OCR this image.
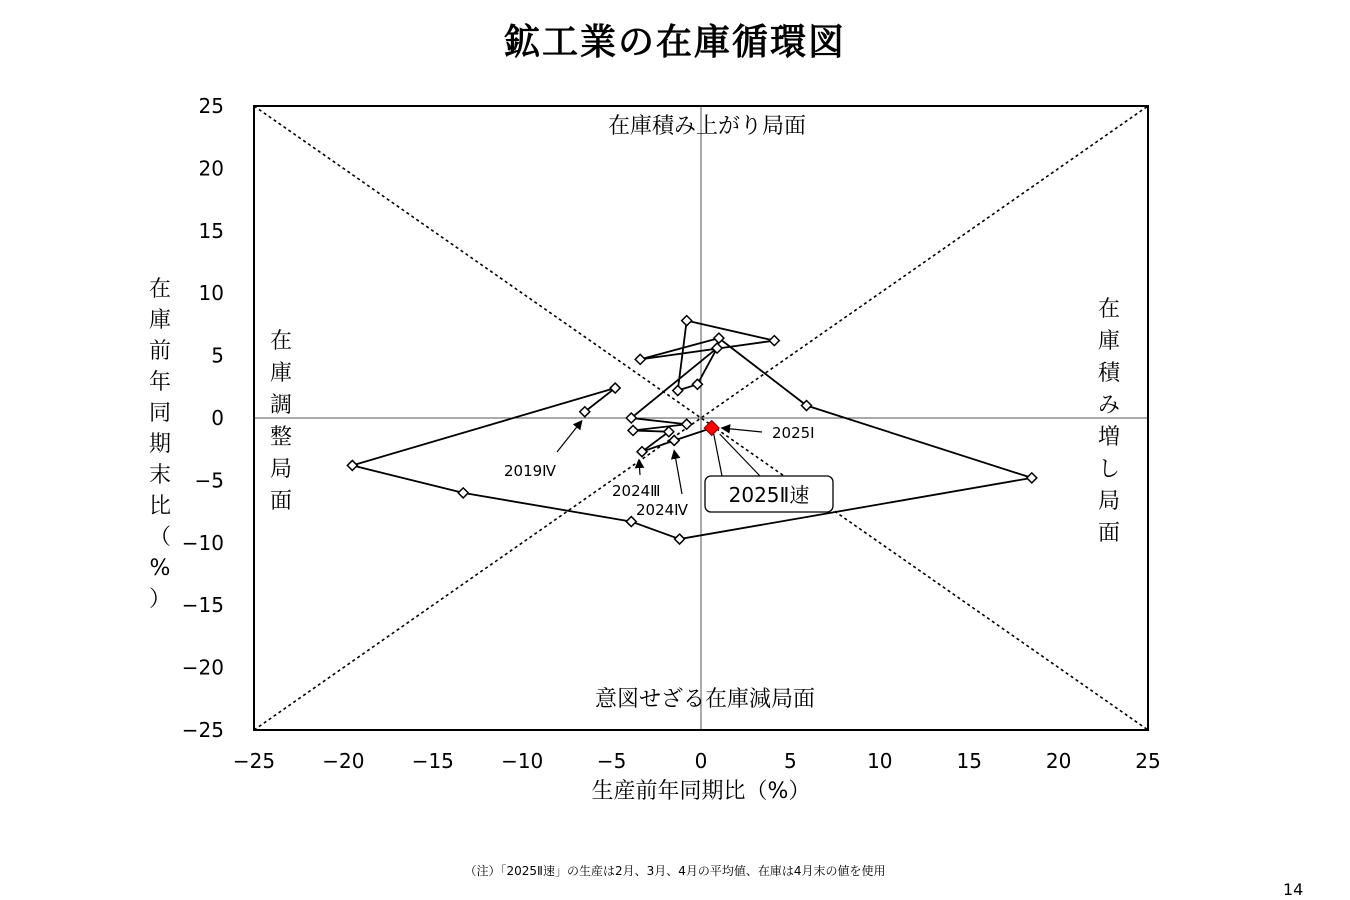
鉱工業の在庫循環図
−25 −20 −15 −10	−5	0	5	10	15	20	25
25
20
15
10
5
0
−5
−10
−15
−20
−25
2019Ⅳ
2024Ⅲ
2024Ⅳ
2025Ⅰ
2025Ⅱ速
生産前年同期比（%）
在庫前年同期末比（%）
在庫積み上がり局面
意図せざる在庫減局面
在庫調整局面
在庫積み増し局面
（注）「2025Ⅱ速」の生産は2月、3月、4月の平均値、在庫は4月末の値を使用
14
